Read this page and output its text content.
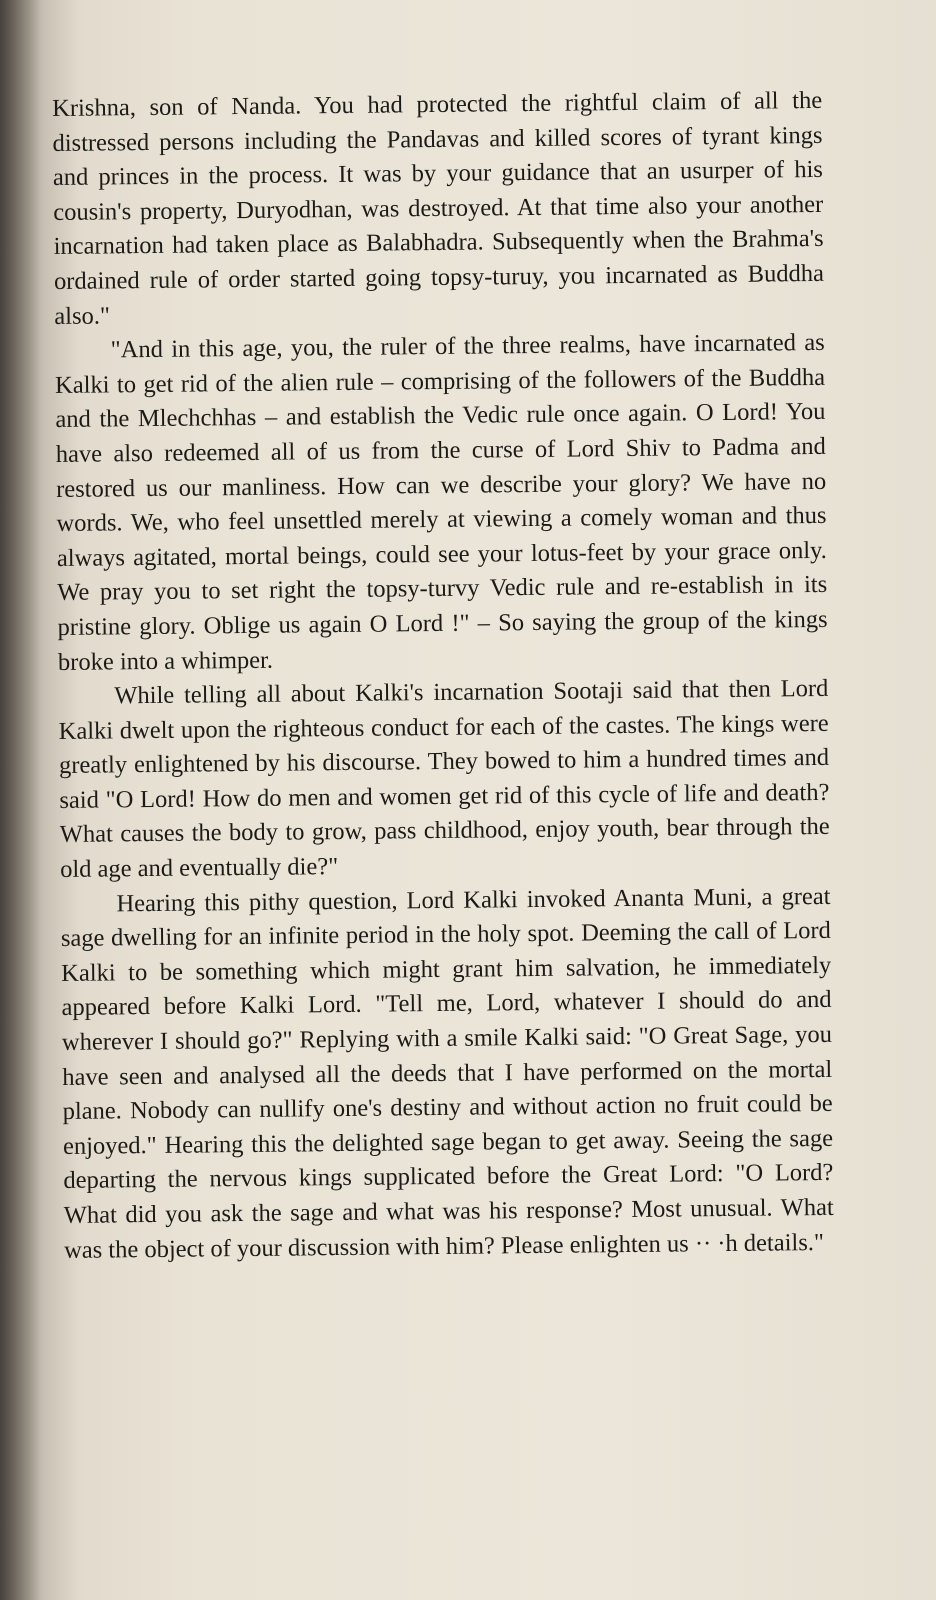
Krishna, son of Nanda. You had protected the rightful claim of all the distressed persons including the Pandavas and killed scores of tyrant kings and princes in the process. It was by your guidance that an usurper of his cousin's property, Duryodhan, was destroyed. At that time also your another incarnation had taken place as Balabhadra. Subsequently when the Brahma's ordained rule of order started going topsy-turuy, you incarnated as Buddha also."

"And in this age, you, the ruler of the three realms, have incarnated as Kalki to get rid of the alien rule – comprising of the followers of the Buddha and the Mlechchhas – and establish the Vedic rule once again. O Lord! You have also redeemed all of us from the curse of Lord Shiv to Padma and restored us our manliness. How can we describe your glory? We have no words. We, who feel unsettled merely at viewing a comely woman and thus always agitated, mortal beings, could see your lotus-feet by your grace only. We pray you to set right the topsy-turvy Vedic rule and re-establish in its pristine glory. Oblige us again O Lord !" – So saying the group of the kings broke into a whimper.

While telling all about Kalki's incarnation Sootaji said that then Lord Kalki dwelt upon the righteous conduct for each of the castes. The kings were greatly enlightened by his discourse. They bowed to him a hundred times and said "O Lord! How do men and women get rid of this cycle of life and death? What causes the body to grow, pass childhood, enjoy youth, bear through the old age and eventually die?"

Hearing this pithy question, Lord Kalki invoked Ananta Muni, a great sage dwelling for an infinite period in the holy spot. Deeming the call of Lord Kalki to be something which might grant him salvation, he immediately appeared before Kalki Lord. "Tell me, Lord, whatever I should do and wherever I should go?" Replying with a smile Kalki said: "O Great Sage, you have seen and analysed all the deeds that I have performed on the mortal plane. Nobody can nullify one's destiny and without action no fruit could be enjoyed." Hearing this the delighted sage began to get away. Seeing the sage departing the nervous kings supplicated before the Great Lord: "O Lord? What did you ask the sage and what was his response? Most unusual. What was the object of your discussion with him? Please enlighten us ·· ·h details."
